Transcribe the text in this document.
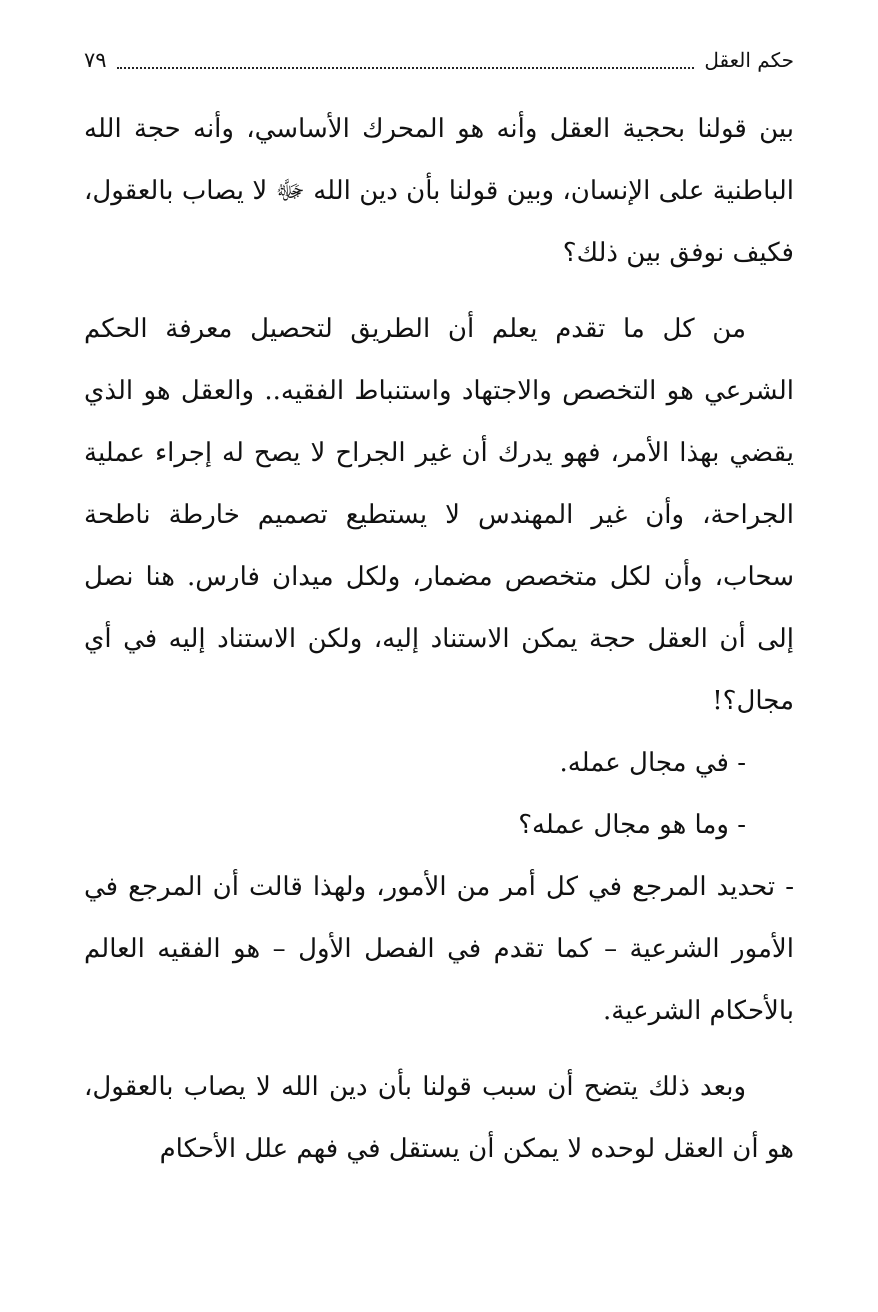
حكم العقل
٧٩

بين قولنا بحجية العقل وأنه هو المحرك الأساسي، وأنه حجة الله الباطنية على الإنسان، وبين قولنا بأن دين الله ﷻ لا يصاب بالعقول، فكيف نوفق بين ذلك؟

من كل ما تقدم يعلم أن الطريق لتحصيل معرفة الحكم الشرعي هو التخصص والاجتهاد واستنباط الفقيه.. والعقل هو الذي يقضي بهذا الأمر، فهو يدرك أن غير الجراح لا يصح له إجراء عملية الجراحة، وأن غير المهندس لا يستطيع تصميم خارطة ناطحة سحاب، وأن لكل متخصص مضمار، ولكل ميدان فارس. هنا نصل إلى أن العقل حجة يمكن الاستناد إليه، ولكن الاستناد إليه في أي مجال؟!

- في مجال عمله.

- وما هو مجال عمله؟

- تحديد المرجع في كل أمر من الأمور، ولهذا قالت أن المرجع في الأمور الشرعية – كما تقدم في الفصل الأول – هو الفقيه العالم بالأحكام الشرعية.

وبعد ذلك يتضح أن سبب قولنا بأن دين الله لا يصاب بالعقول، هو أن العقل لوحده لا يمكن أن يستقل في فهم علل الأحكام
